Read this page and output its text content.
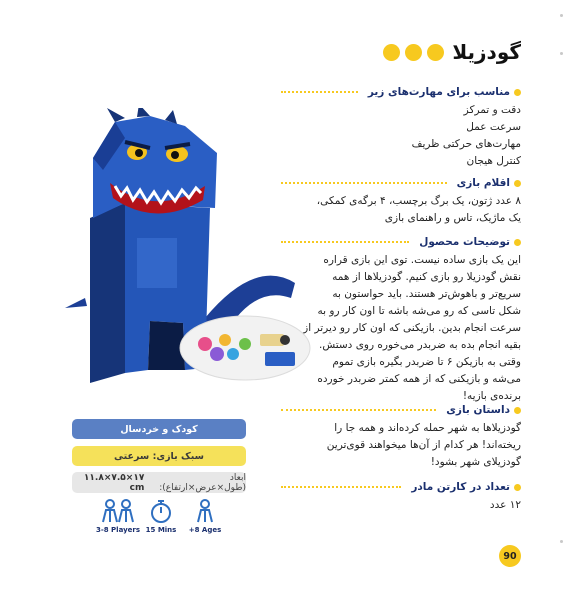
گودزیلا
مناسب برای مهارت‌های زیر
دقت و تمرکز
سرعت عمل
مهارت‌های حرکتی ظریف
کنترل هیجان
اقلام بازی
۸ عدد ژتون، یک برگ برچسب، ۴ برگه‌ی کمکی،
یک ماژیک، تاس و راهنمای بازی
توضیحات محصول
این یک بازی ساده نیست. توی این بازی قراره
نقش گودزیلا رو بازی کنیم. گودزیلاها از همه
سریع‌تر و باهوش‌تر هستند. باید حواستون به
شکل تاسی که رو می‌شه باشه تا اون کار رو به
سرعت انجام بدین. بازیکنی که اون کار رو دیرتر از
بقیه انجام بده به ضربدر می‌خوره روی دستش.
وقتی به بازیکن ۶ تا ضربدر بگیره بازی تموم
می‌شه و بازیکنی که از همه کمتر ضربدر خورده
برنده‌ی بازیه!
داستان بازی
گودزیلاها به شهر حمله کرده‌اند و همه جا را
ریخته‌اند! هر کدام از آن‌ها میخواهند قوی‌ترین
گودزیلای شهر بشود!
تعداد در کارتن مادر
۱۲ عدد
کودک و خردسال
سبک بازی: سرعتی
ابعاد (طول×عرض×ارتفاع):
۱۷×۷.۵×۱۱.۸ cm
3-8 Players 15 Mins	+8 Ages
90
